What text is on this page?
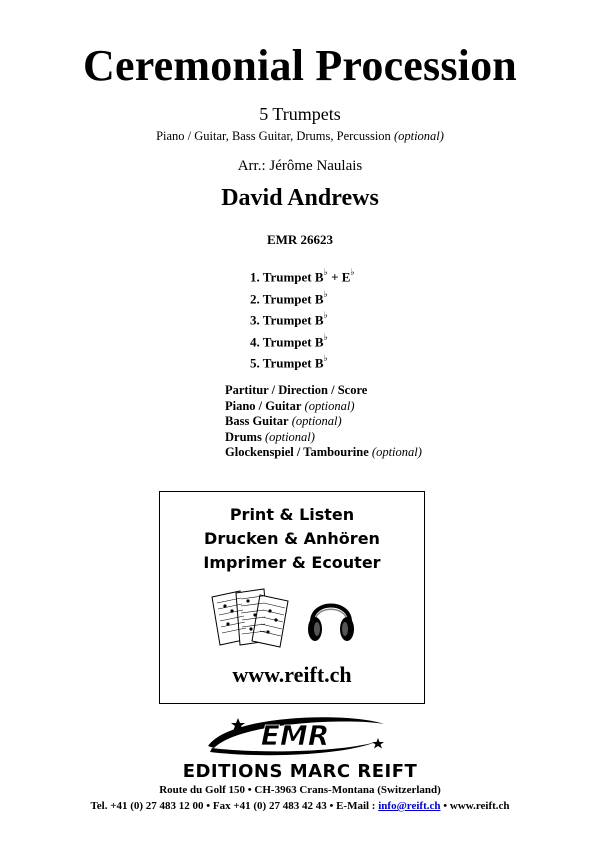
Ceremonial Procession
5 Trumpets
Piano / Guitar, Bass Guitar, Drums, Percussion (optional)
Arr.: Jérôme Naulais
David Andrews
EMR 26623
1. Trumpet B♭ + E♭
2. Trumpet B♭
3. Trumpet B♭
4. Trumpet B♭
5. Trumpet B♭
Partitur / Direction / Score
Piano / Guitar (optional)
Bass Guitar (optional)
Drums (optional)
Glockenspiel / Tambourine (optional)
Print & Listen
Drucken & Anhören
Imprimer & Ecouter
www.reift.ch
EMR
EDITIONS MARC REIFT
Route du Golf 150 • CH-3963 Crans-Montana (Switzerland)
Tel. +41 (0) 27 483 12 00 • Fax +41 (0) 27 483 42 43 • E-Mail : info@reift.ch • www.reift.ch
